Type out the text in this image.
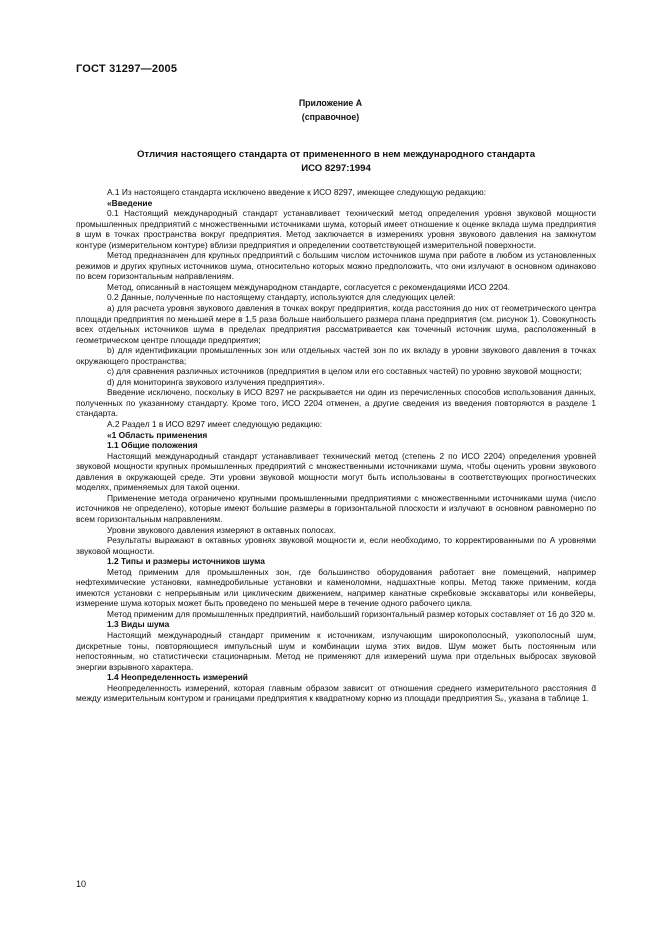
ГОСТ 31297—2005
Приложение А
(справочное)
Отличия настоящего стандарта от примененного в нем международного стандарта
ИСО 8297:1994

А.1 Из настоящего стандарта исключено введение к ИСО 8297, имеющее следующую редакцию:

«Введение

0.1 Настоящий международный стандарт устанавливает технический метод определения уровня звуковой мощности промышленных предприятий с множественными источниками шума, который имеет отношение к оценке вклада шума предприятия в шум в точках пространства вокруг предприятия. Метод заключается в измерениях уровня звукового давления на замкнутом контуре (измерительном контуре) вблизи предприятия и определении соответствующей измерительной поверхности.

Метод предназначен для крупных предприятий с большим числом источников шума при работе в любом из установленных режимов и других крупных источников шума, относительно которых можно предположить, что они излучают в основном одинаково по всем горизонтальным направлениям.

Метод, описанный в настоящем международном стандарте, согласуется с рекомендациями ИСО 2204.

0.2 Данные, полученные по настоящему стандарту, используются для следующих целей:

а) для расчета уровня звукового давления в точках вокруг предприятия, когда расстояния до них от геометрического центра площади предприятия по меньшей мере в 1,5 раза больше наибольшего размера плана предприятия (см. рисунок 1). Совокупность всех отдельных источников шума в пределах предприятия рассматривается как точечный источник шума, расположенный в геометрическом центре площади предприятия;

b) для идентификации промышленных зон или отдельных частей зон по их вкладу в уровни звукового давления в точках окружающего пространства;

с) для сравнения различных источников (предприятия в целом или его составных частей) по уровню звуковой мощности;

d) для мониторинга звукового излучения предприятия».

Введение исключено, поскольку в ИСО 8297 не раскрывается ни один из перечисленных способов использования данных, полученных по указанному стандарту. Кроме того, ИСО 2204 отменен, а другие сведения из введения повторяются в разделе 1 стандарта.

А.2 Раздел 1 в ИСО 8297 имеет следующую редакцию:

«1 Область применения

1.1 Общие положения

Настоящий международный стандарт устанавливает технический метод (степень 2 по ИСО 2204) определения уровней звуковой мощности крупных промышленных предприятий с множественными источниками шума, чтобы оценить уровни звукового давления в окружающей среде. Эти уровни звуковой мощности могут быть использованы в соответствующих прогностических моделях, применяемых для такой оценки.

Применение метода ограничено крупными промышленными предприятиями с множественными источниками шума (число источников не определено), которые имеют большие размеры в горизонтальной плоскости и излучают в основном равномерно по всем горизонтальным направлениям.

Уровни звукового давления измеряют в октавных полосах.

Результаты выражают в октавных уровнях звуковой мощности и, если необходимо, то корректированными по А уровнями звуковой мощности.

1.2 Типы и размеры источников шума

Метод применим для промышленных зон, где большинство оборудования работает вне помещений, например нефтехимические установки, камнедробильные установки и каменоломни, надшахтные копры. Метод также применим, когда имеются установки с непрерывным или циклическим движением, например канатные скребковые экскаваторы или конвейеры, измерение шума которых может быть проведено по меньшей мере в течение одного рабочего цикла.

Метод применим для промышленных предприятий, наибольший горизонтальный размер которых составляет от 16 до 320 м.

1.3 Виды шума

Настоящий международный стандарт применим к источникам, излучающим широкополосный, узкополосный шум, дискретные тоны, повторяющиеся импульсный шум и комбинации шума этих видов. Шум может быть постоянным или непостоянным, но статистически стационарным. Метод не применяют для измерений шума при отдельных выбросах звуковой энергии взрывного характера.

1.4 Неопределенность измерений

Неопределенность измерений, которая главным образом зависит от отношения среднего измерительного расстояния d̄ между измерительным контуром и границами предприятия к квадратному корню из площади предприятия Sₚ, указана в таблице 1.

10
